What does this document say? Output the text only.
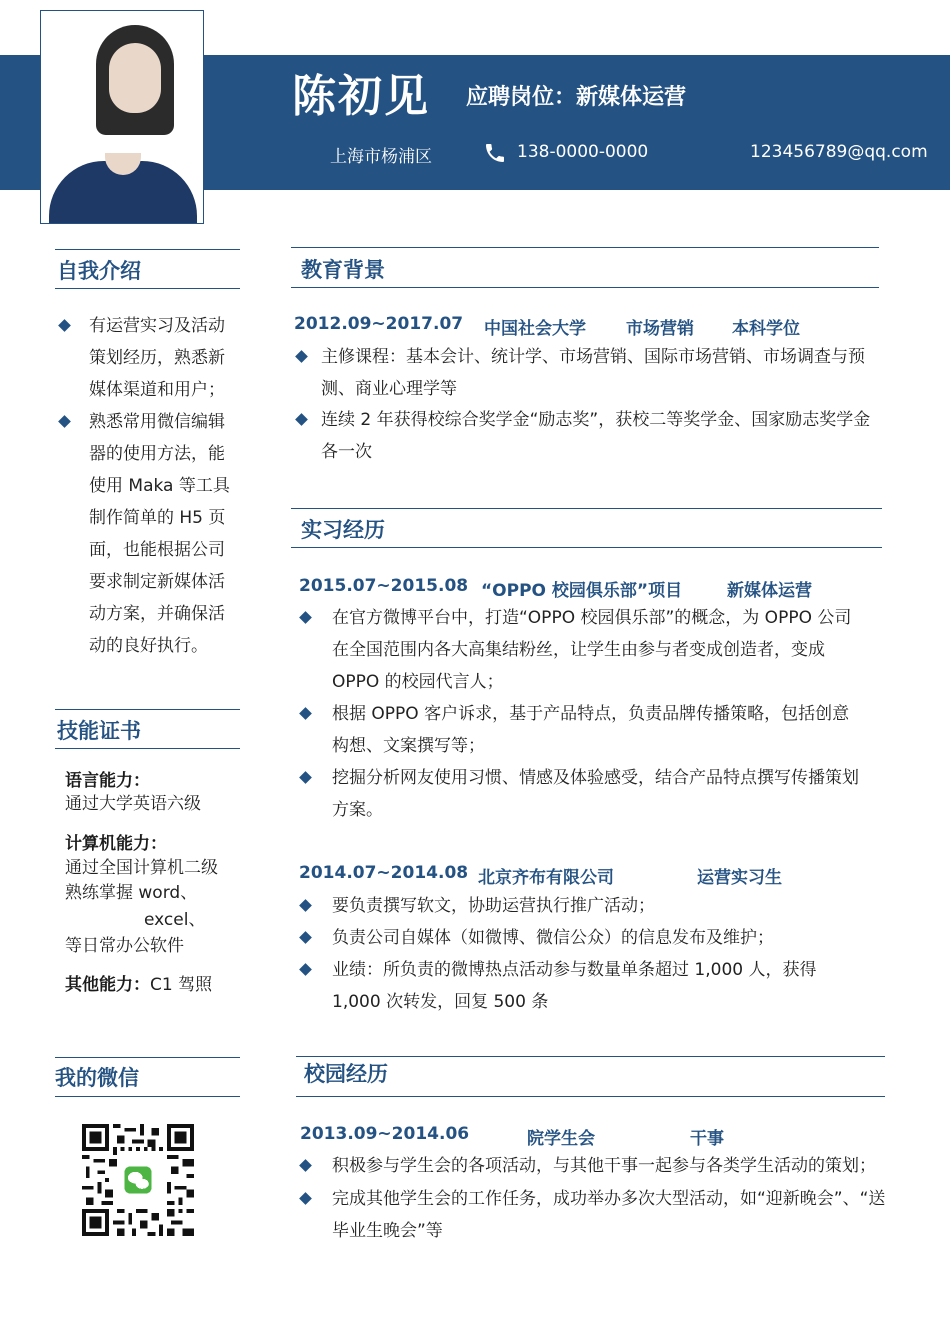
陈初见 应聘岗位：新媒体运营
上海市杨浦区	138-0000-0000	123456789@qq.com
自我介绍
有运营实习及活动策划经历，熟悉新媒体渠道和用户；
熟悉常用微信编辑器的使用方法，能使用 Maka 等工具制作简单的 H5 页面，也能根据公司要求制定新媒体活动方案，并确保活动的良好执行。
技能证书
语言能力：
通过大学英语六级
计算机能力：
通过全国计算机二级
熟练掌握 word、
excel、
等日常办公软件
其他能力：C1 驾照
我的微信
教育背景
2012.09~2017.07 中国社会大学 市场营销 本科学位
主修课程：基本会计、统计学、市场营销、国际市场营销、市场调查与预测、商业心理学等
连续 2 年获得校综合奖学金“励志奖”，获校二等奖学金、国家励志奖学金各一次
实习经历
2015.07~2015.08 “OPPO 校园俱乐部”项目	新媒体运营
在官方微博平台中，打造“OPPO 校园俱乐部”的概念，为 OPPO 公司在全国范围内各大高集结粉丝，让学生由参与者变成创造者，变成 OPPO 的校园代言人；
根据 OPPO 客户诉求，基于产品特点，负责品牌传播策略，包括创意构想、文案撰写等；
挖掘分析网友使用习惯、情感及体验感受，结合产品特点撰写传播策划方案。
2014.07~2014.08 北京齐布有限公司	运营实习生
要负责撰写软文，协助运营执行推广活动；
负责公司自媒体（如微博、微信公众）的信息发布及维护；
业绩：所负责的微博热点活动参与数量单条超过 1,000 人，获得 1,000 次转发，回复 500 条
校园经历
2013.09~2014.06	院学生会	干事
积极参与学生会的各项活动，与其他干事一起参与各类学生活动的策划；
完成其他学生会的工作任务，成功举办多次大型活动，如“迎新晚会”、“送毕业生晚会”等
